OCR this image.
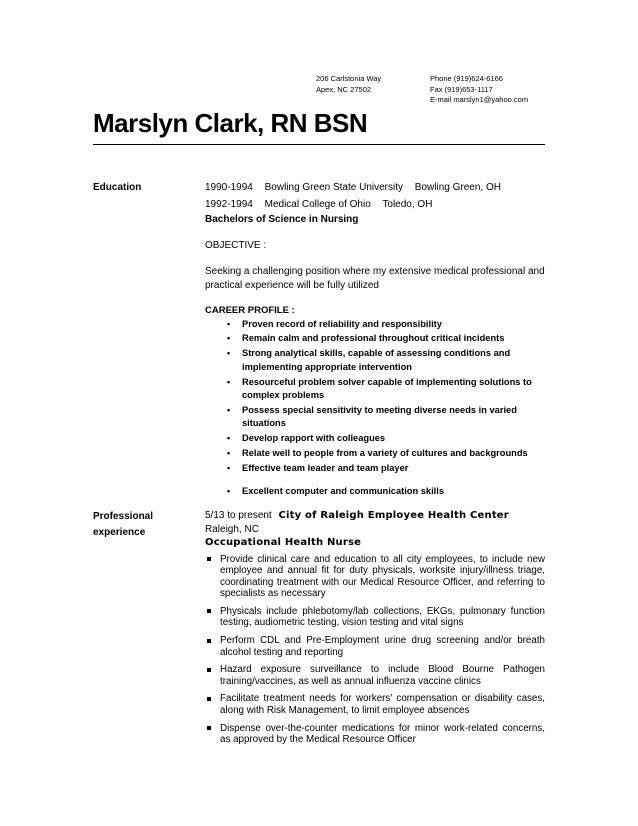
206 Carlstonia Way
Apex, NC 27502
Phone (919)624-6166
Fax (919)653-1117
E-mail marslyn1@yahoo.com
Marslyn Clark, RN BSN
Education	1990-1994 Bowling Green State University Bowling Green, OH
1992-1994 Medical College of Ohio Toledo, OH
Bachelors of Science in Nursing
OBJECTIVE :
Seeking a challenging position where my extensive medical professional and practical experience will be fully utilized
CAREER PROFILE :
• Proven record of reliability and responsibility
• Remain calm and professional throughout critical incidents
• Strong analytical skills, capable of assessing conditions and implementing appropriate intervention
• Resourceful problem solver capable of implementing solutions to complex problems
• Possess special sensitivity to meeting diverse needs in varied situations
• Develop rapport with colleagues
• Relate well to people from a variety of cultures and backgrounds
• Effective team leader and team player
• Excellent computer and communication skills
Professional
experience
5/13 to present City of Raleigh Employee Health Center
Raleigh, NC
Occupational Health Nurse
Provide clinical care and education to all city employees, to include new employee and annual fit for duty physicals, worksite injury/illness triage, coordinating treatment with our Medical Resource Officer, and referring to specialists as necessary
Physicals include phlebotomy/lab collections, EKGs, pulmonary function testing, audiometric testing, vision testing and vital signs
Perform CDL and Pre-Employment urine drug screening and/or breath alcohol testing and reporting
Hazard exposure surveillance to include Blood Bourne Pathogen training/vaccines, as well as annual influenza vaccine clinics
Facilitate treatment needs for workers’ compensation or disability cases, along with Risk Management, to limit employee absences
Dispense over-the-counter medications for minor work-related concerns, as approved by the Medical Resource Officer
